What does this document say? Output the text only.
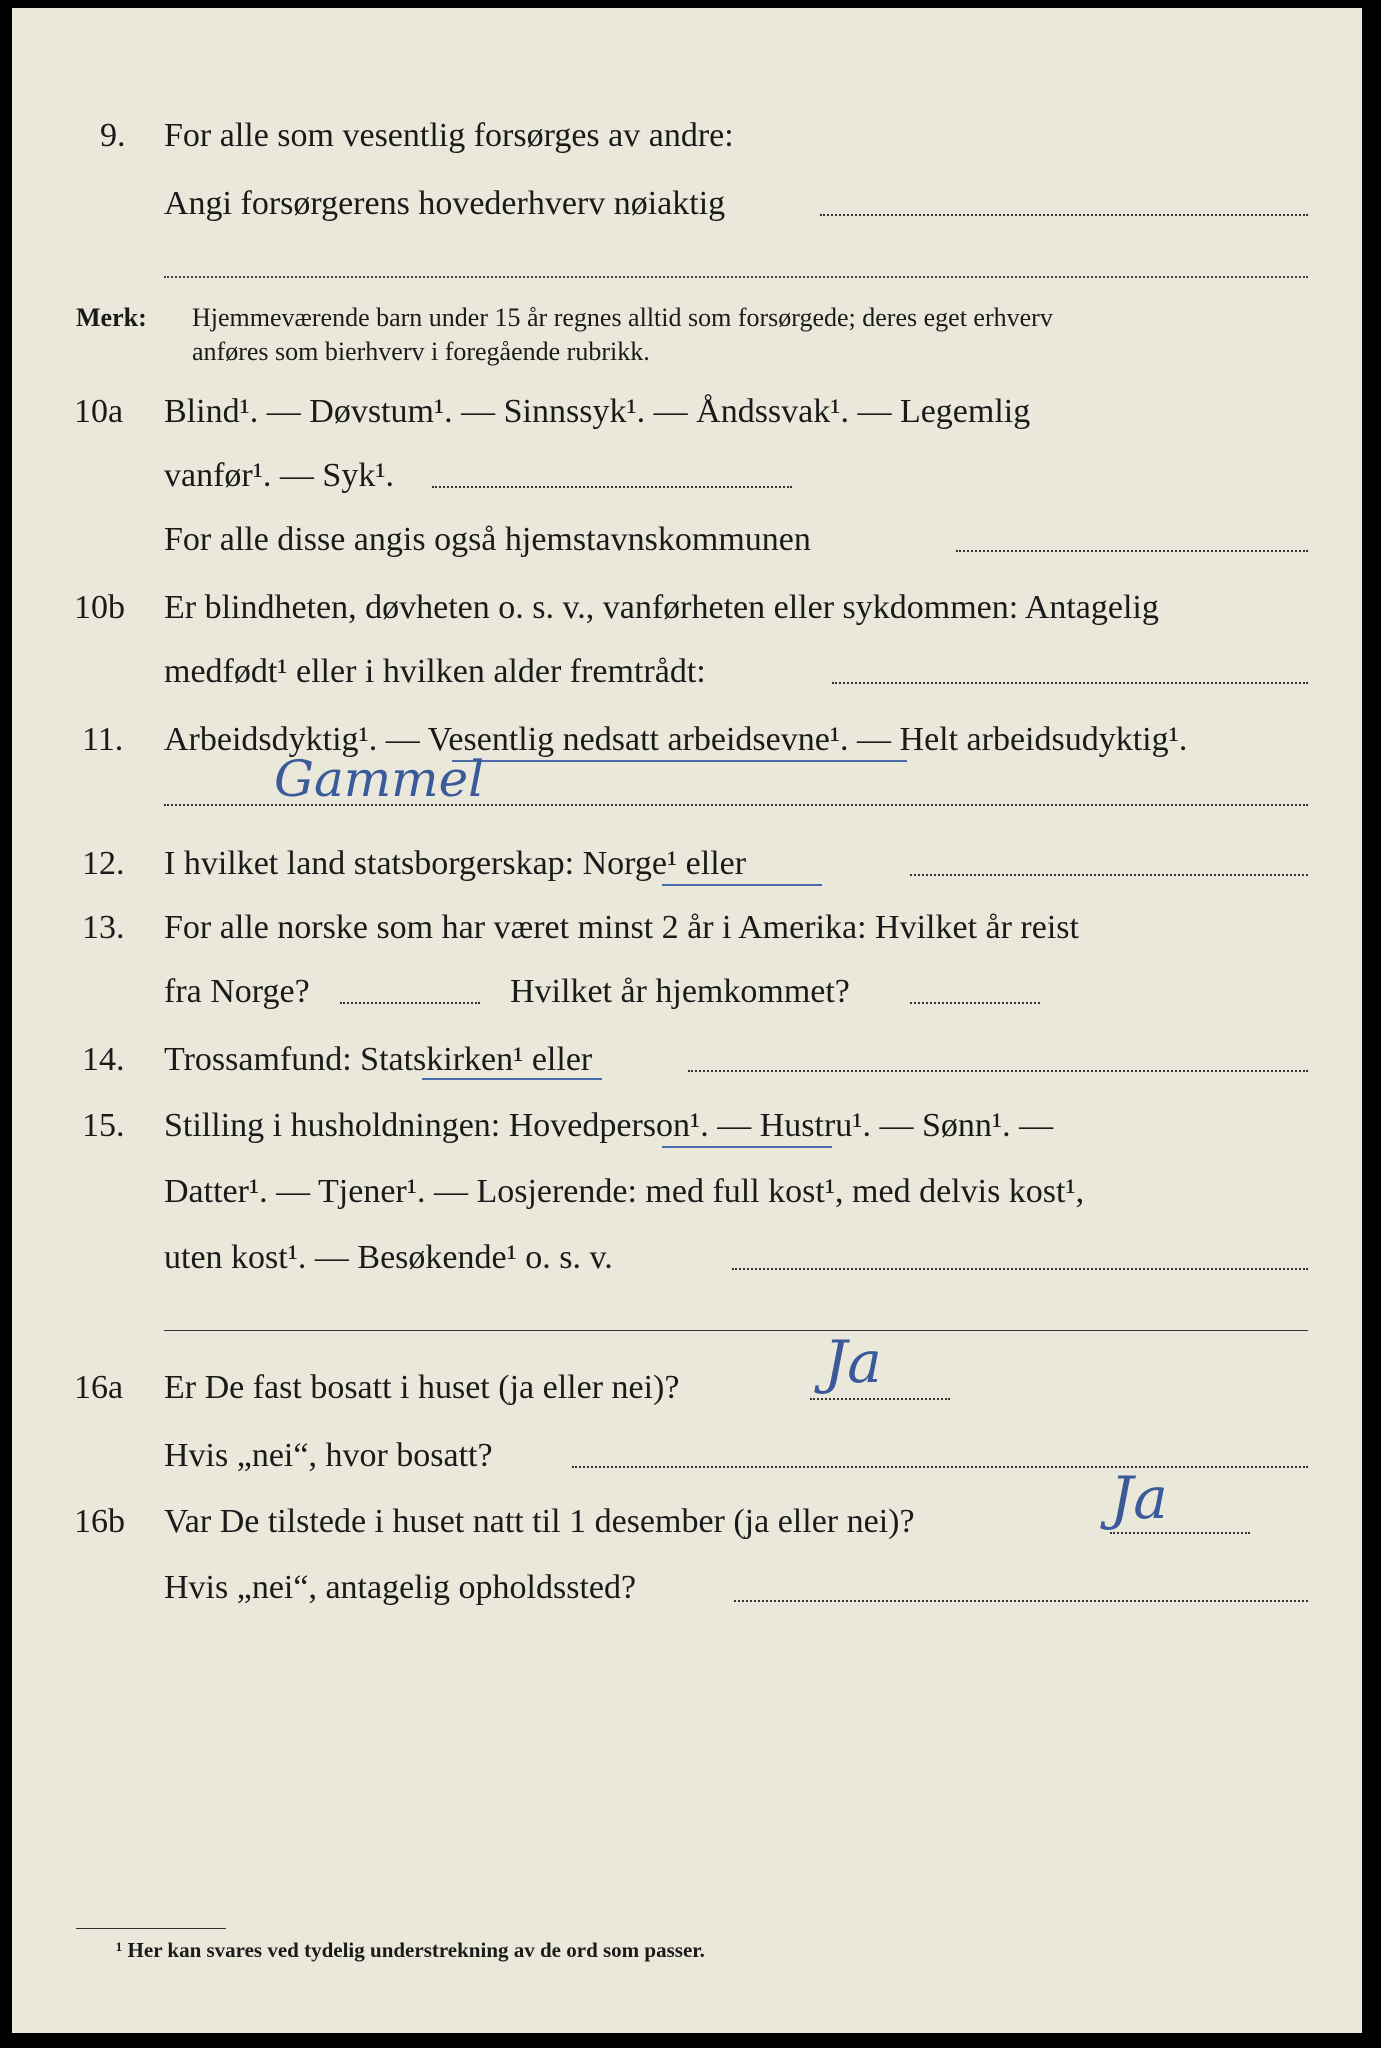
9. For alle som vesentlig forsørges av andre:
Angi forsørgerens hovederhverv nøiaktig
Merk: Hjemmeværende barn under 15 år regnes alltid som forsørgede; deres eget erhverv
anføres som bierhverv i foregående rubrikk.
10a Blind¹. — Døvstum¹. — Sinnssyk¹. — Åndssvak¹. — Legemlig
vanfør¹. — Syk¹.
For alle disse angis også hjemstavnskommunen
10b Er blindheten, døvheten o. s. v., vanførheten eller sykdommen: Antagelig
medfødt¹ eller i hvilken alder fremtrådt:
11. Arbeidsdyktig¹. — Vesentlig nedsatt arbeidsevne¹. — Helt arbeidsudyktig¹.
Gammel
12. I hvilket land statsborgerskap: Norge¹ eller
13. For alle norske som har været minst 2 år i Amerika: Hvilket år reist
fra Norge?	Hvilket år hjemkommet?
14. Trossamfund: Statskirken¹ eller
15. Stilling i husholdningen: Hovedperson¹. — Hustru¹. — Sønn¹. —
Datter¹. — Tjener¹. — Losjerende: med full kost¹, med delvis kost¹,
uten kost¹. — Besøkende¹ o. s. v.
16a Er De fast bosatt i huset (ja eller nei)? Ja
Hvis „nei“, hvor bosatt?
16b Var De tilstede i huset natt til 1 desember (ja eller nei)?	Ja
Hvis „nei“, antagelig opholdssted?
¹ Her kan svares ved tydelig understrekning av de ord som passer.
